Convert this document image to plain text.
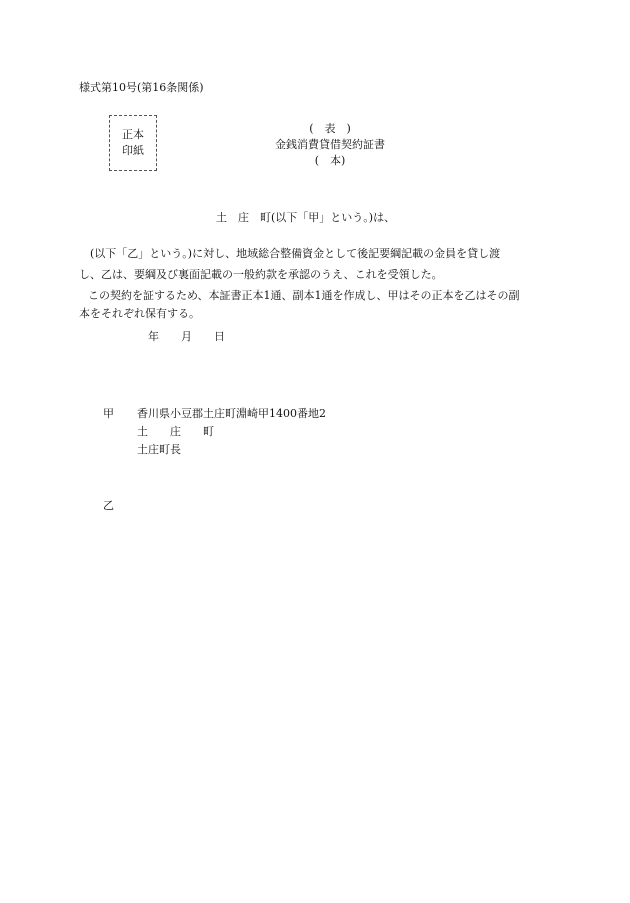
様式第10号(第16条関係)
正本
印紙
(　表　)
金銭消費貸借契約証書
(　本)
土　庄　町(以下「甲」という。)は、
　(以下「乙」という。)に対し、地域総合整備資金として後記要綱記載の金員を貸し渡
し、乙は、要綱及び裏面記載の一般約款を承認のうえ、これを受領した。
この契約を証するため、本証書正本1通、副本1通を作成し、甲はその正本を乙はその副
本をそれぞれ保有する。
年　　月　　日
甲 香川県小豆郡土庄町淵崎甲1400番地2
土　　庄　　町
土庄町長
乙
